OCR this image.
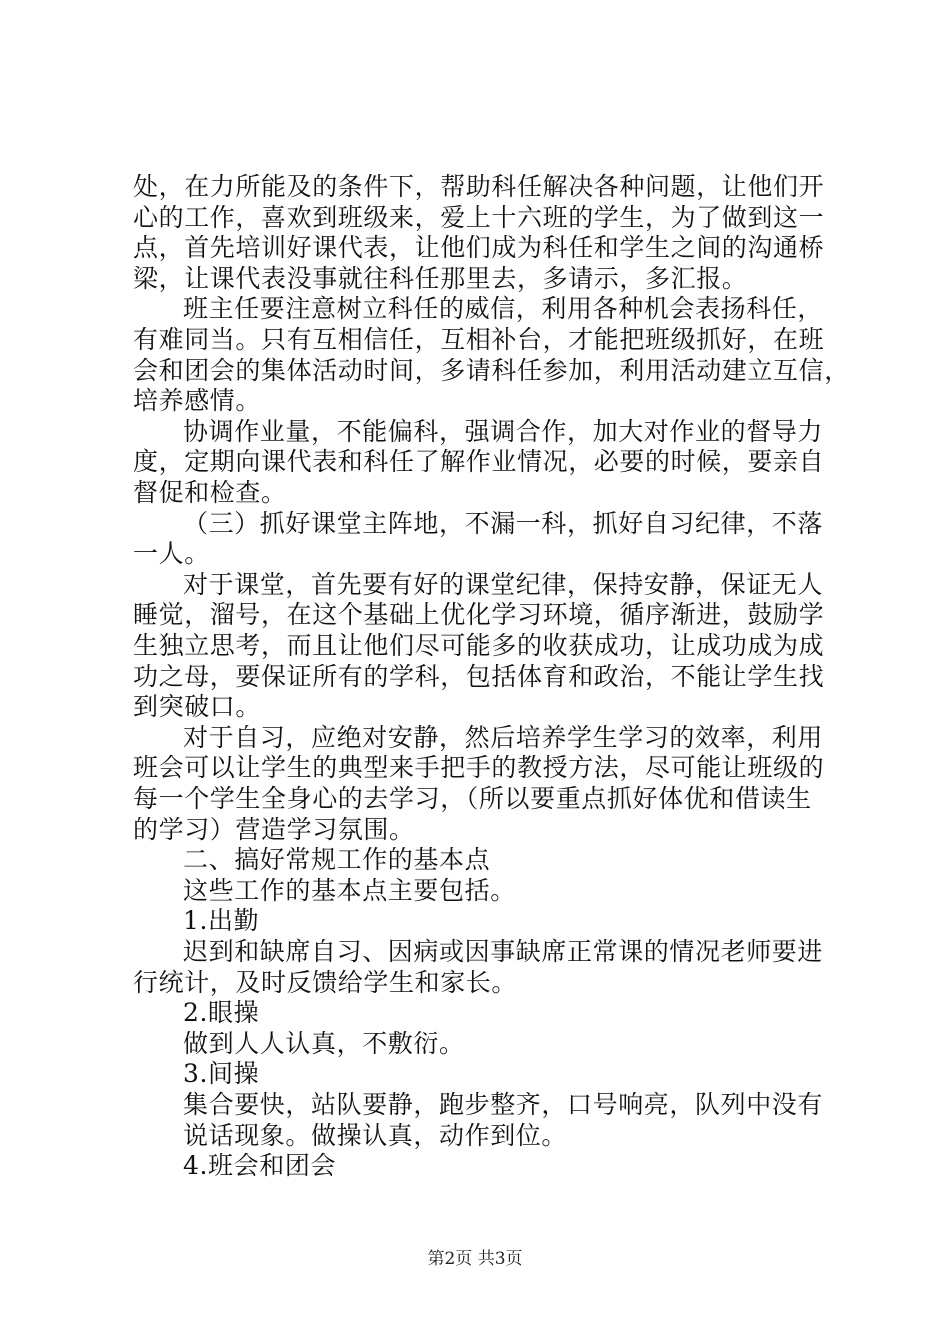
处，在力所能及的条件下，帮助科任解决各种问题，让他们开
心的工作，喜欢到班级来，爱上十六班的学生，为了做到这一
点，首先培训好课代表，让他们成为科任和学生之间的沟通桥
梁，让课代表没事就往科任那里去，多请示，多汇报。
班主任要注意树立科任的威信，利用各种机会表扬科任，
有难同当。只有互相信任，互相补台，才能把班级抓好，在班
会和团会的集体活动时间，多请科任参加，利用活动建立互信，
培养感情。
协调作业量，不能偏科，强调合作，加大对作业的督导力
度，定期向课代表和科任了解作业情况，必要的时候，要亲自
督促和检查。
（三）抓好课堂主阵地，不漏一科，抓好自习纪律，不落
一人。
对于课堂，首先要有好的课堂纪律，保持安静，保证无人
睡觉，溜号，在这个基础上优化学习环境，循序渐进，鼓励学
生独立思考，而且让他们尽可能多的收获成功，让成功成为成
功之母，要保证所有的学科，包括体育和政治，不能让学生找
到突破口。
对于自习，应绝对安静，然后培养学生学习的效率，利用
班会可以让学生的典型来手把手的教授方法，尽可能让班级的
每一个学生全身心的去学习，（所以要重点抓好体优和借读生
的学习）营造学习氛围。
二、搞好常规工作的基本点
这些工作的基本点主要包括。
1.出勤
迟到和缺席自习、因病或因事缺席正常课的情况老师要进
行统计，及时反馈给学生和家长。
2.眼操
做到人人认真，不敷衍。
3.间操
集合要快，站队要静，跑步整齐，口号响亮，队列中没有
说话现象。做操认真，动作到位。
4.班会和团会
第2页 共3页
